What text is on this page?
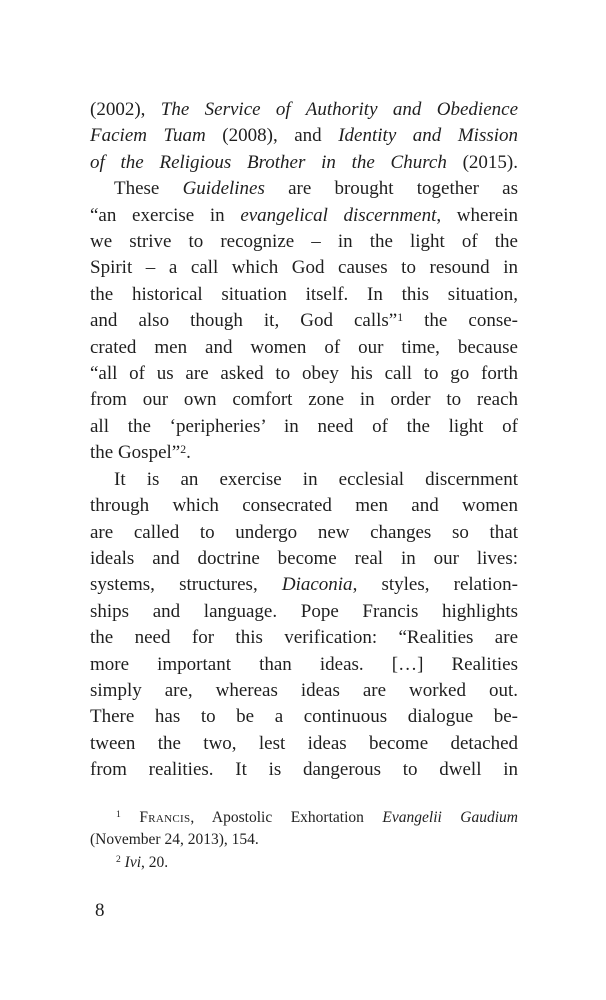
(2002), The Service of Authority and Obedience
Faciem Tuam (2008), and Identity and Mission
of the Religious Brother in the Church (2015).
These Guidelines are brought together as
“an exercise in evangelical discernment, wherein
we strive to recognize – in the light of the
Spirit – a call which God causes to resound in
the historical situation itself. In this situation,
and also though it, God calls”$^1$ the conse-
crated men and women of our time, because
“all of us are asked to obey his call to go forth
from our own comfort zone in order to reach
all the ‘peripheries’ in need of the light of
the Gospel”$^2$.
It is an exercise in ecclesial discernment
through which consecrated men and women
are called to undergo new changes so that
ideals and doctrine become real in our lives:
systems, structures, Diaconia, styles, relation-
ships and language. Pope Francis highlights
the need for this verification: “Realities are
more important than ideas. […] Realities
simply are, whereas ideas are worked out.
There has to be a continuous dialogue be-
tween the two, lest ideas become detached
from realities. It is dangerous to dwell in
$^1$ Francis, Apostolic Exhortation Evangelii Gaudium
(November 24, 2013), 154.
$^2$ Ivi, 20.
8
